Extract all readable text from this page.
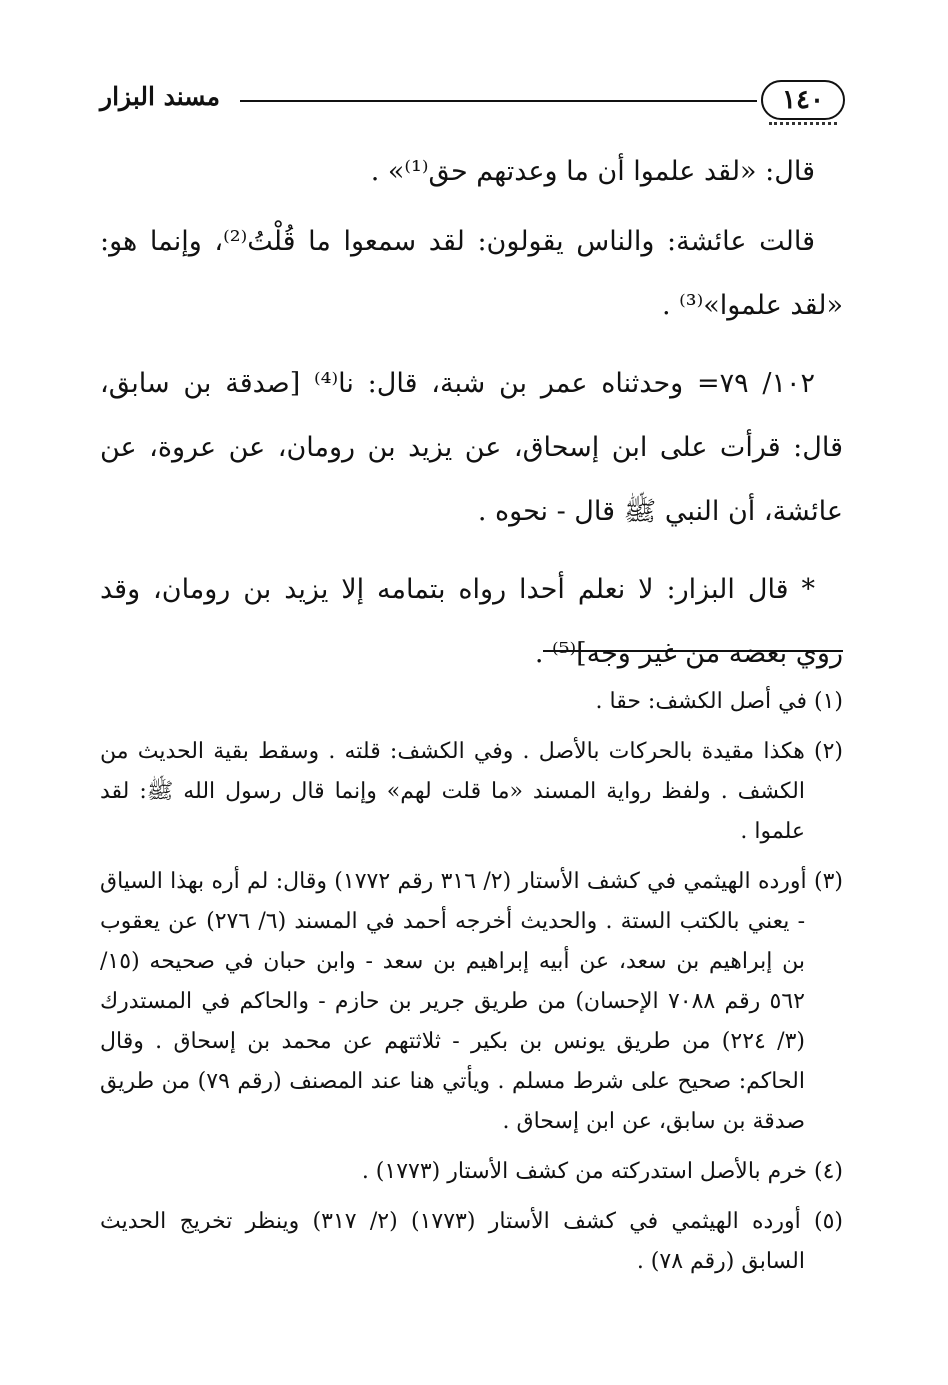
١٤٠
مسند البزار

قال: «لقد علموا أن ما وعدتهم حق⁽¹⁾» .

قالت عائشة: والناس يقولون: لقد سمعوا ما قُلْتُ⁽²⁾، وإنما هو: «لقد علموا»⁽³⁾ .

١٠٢/ ٧٩= وحدثناه عمر بن شبة، قال: نا⁽⁴⁾ [صدقة بن سابق، قال: قرأت على ابن إسحاق، عن يزيد بن رومان، عن عروة، عن عائشة، أن النبي ﷺ قال - نحوه .

* قال البزار: لا نعلم أحدا رواه بتمامه إلا يزيد بن رومان، وقد روي بعضه من غير وجه]⁽⁵⁾ .

(١) في أصل الكشف: حقا .

(٢) هكذا مقيدة بالحركات بالأصل . وفي الكشف: قلته . وسقط بقية الحديث من الكشف . ولفظ رواية المسند «ما قلت لهم» وإنما قال رسول الله ﷺ: لقد علموا .

(٣) أورده الهيثمي في كشف الأستار (٢/ ٣١٦ رقم ١٧٧٢) وقال: لم أره بهذا السياق - يعني بالكتب الستة . والحديث أخرجه أحمد في المسند (٦/ ٢٧٦) عن يعقوب بن إبراهيم بن سعد، عن أبيه إبراهيم بن سعد - وابن حبان في صحيحه (١٥/ ٥٦٢ رقم ٧٠٨٨ الإحسان) من طريق جرير بن حازم - والحاكم في المستدرك (٣/ ٢٢٤) من طريق يونس بن بكير - ثلاثتهم عن محمد بن إسحاق . وقال الحاكم: صحيح على شرط مسلم . ويأتي هنا عند المصنف (رقم ٧٩) من طريق صدقة بن سابق، عن ابن إسحاق .

(٤) خرم بالأصل استدركته من كشف الأستار (١٧٧٣) .

(٥) أورده الهيثمي في كشف الأستار (١٧٧٣) (٢/ ٣١٧) وينظر تخريج الحديث السابق (رقم ٧٨) .
